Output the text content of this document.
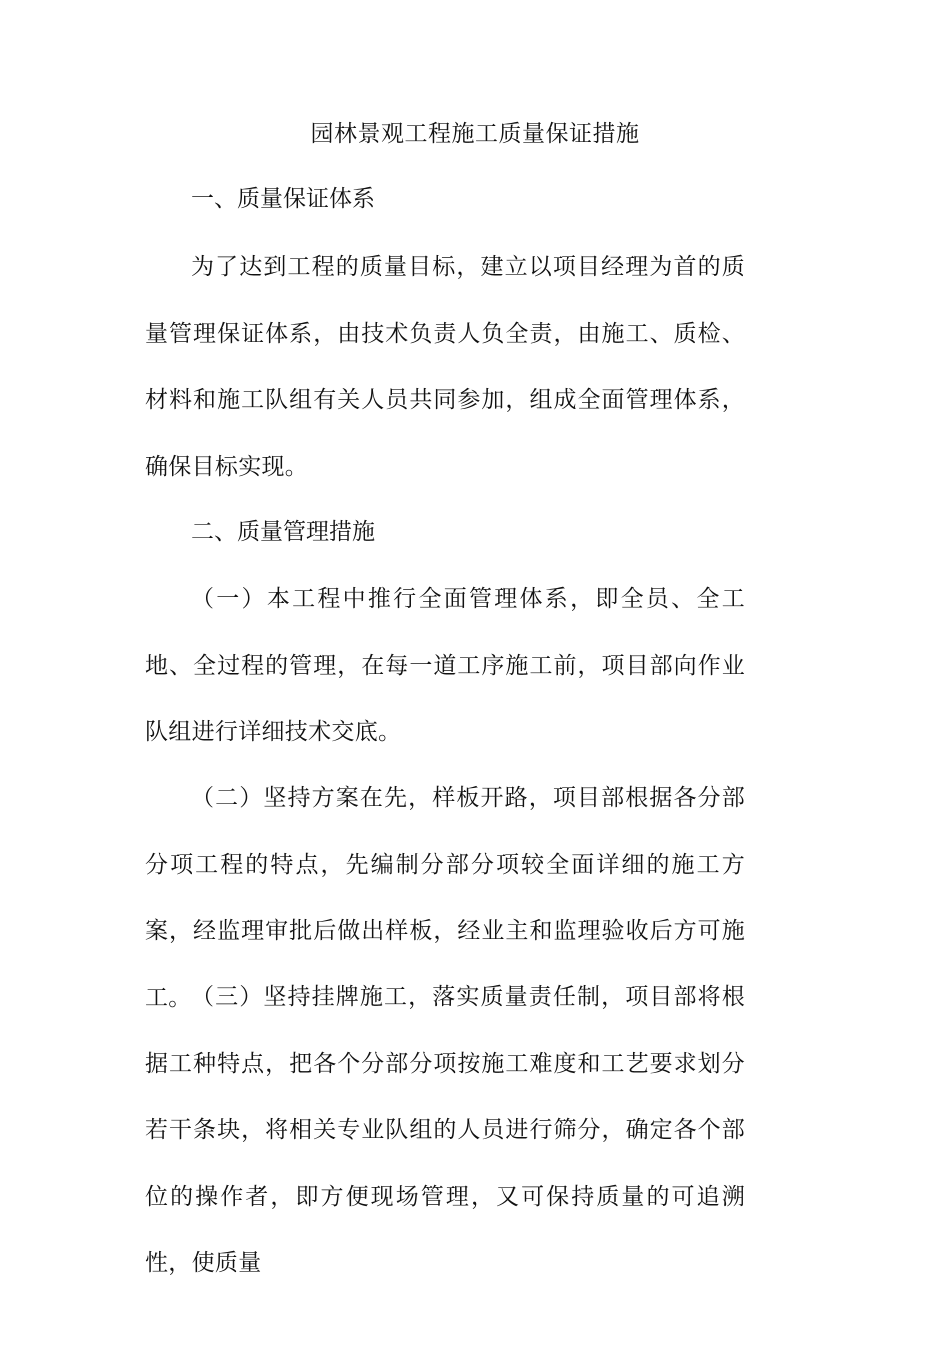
园林景观工程施工质量保证措施
一、质量保证体系

为了达到工程的质量目标，建立以项目经理为首的质量管理保证体系，由技术负责人负全责，由施工、质检、材料和施工队组有关人员共同参加，组成全面管理体系，确保目标实现。

二、质量管理措施

（一）本工程中推行全面管理体系，即全员、全工地、全过程的管理，在每一道工序施工前，项目部向作业队组进行详细技术交底。

（二）坚持方案在先，样板开路，项目部根据各分部分项工程的特点，先编制分部分项较全面详细的施工方案，经监理审批后做出样板，经业主和监理验收后方可施工。 （三）坚持挂牌施工，落实质量责任制，项目部将根据工种特点，把各个分部分项按施工难度和工艺要求划分若干条块，将相关专业队组的人员进行筛分，确定各个部位的操作者，即方便现场管理，又可保持质量的可追溯性，使质量
